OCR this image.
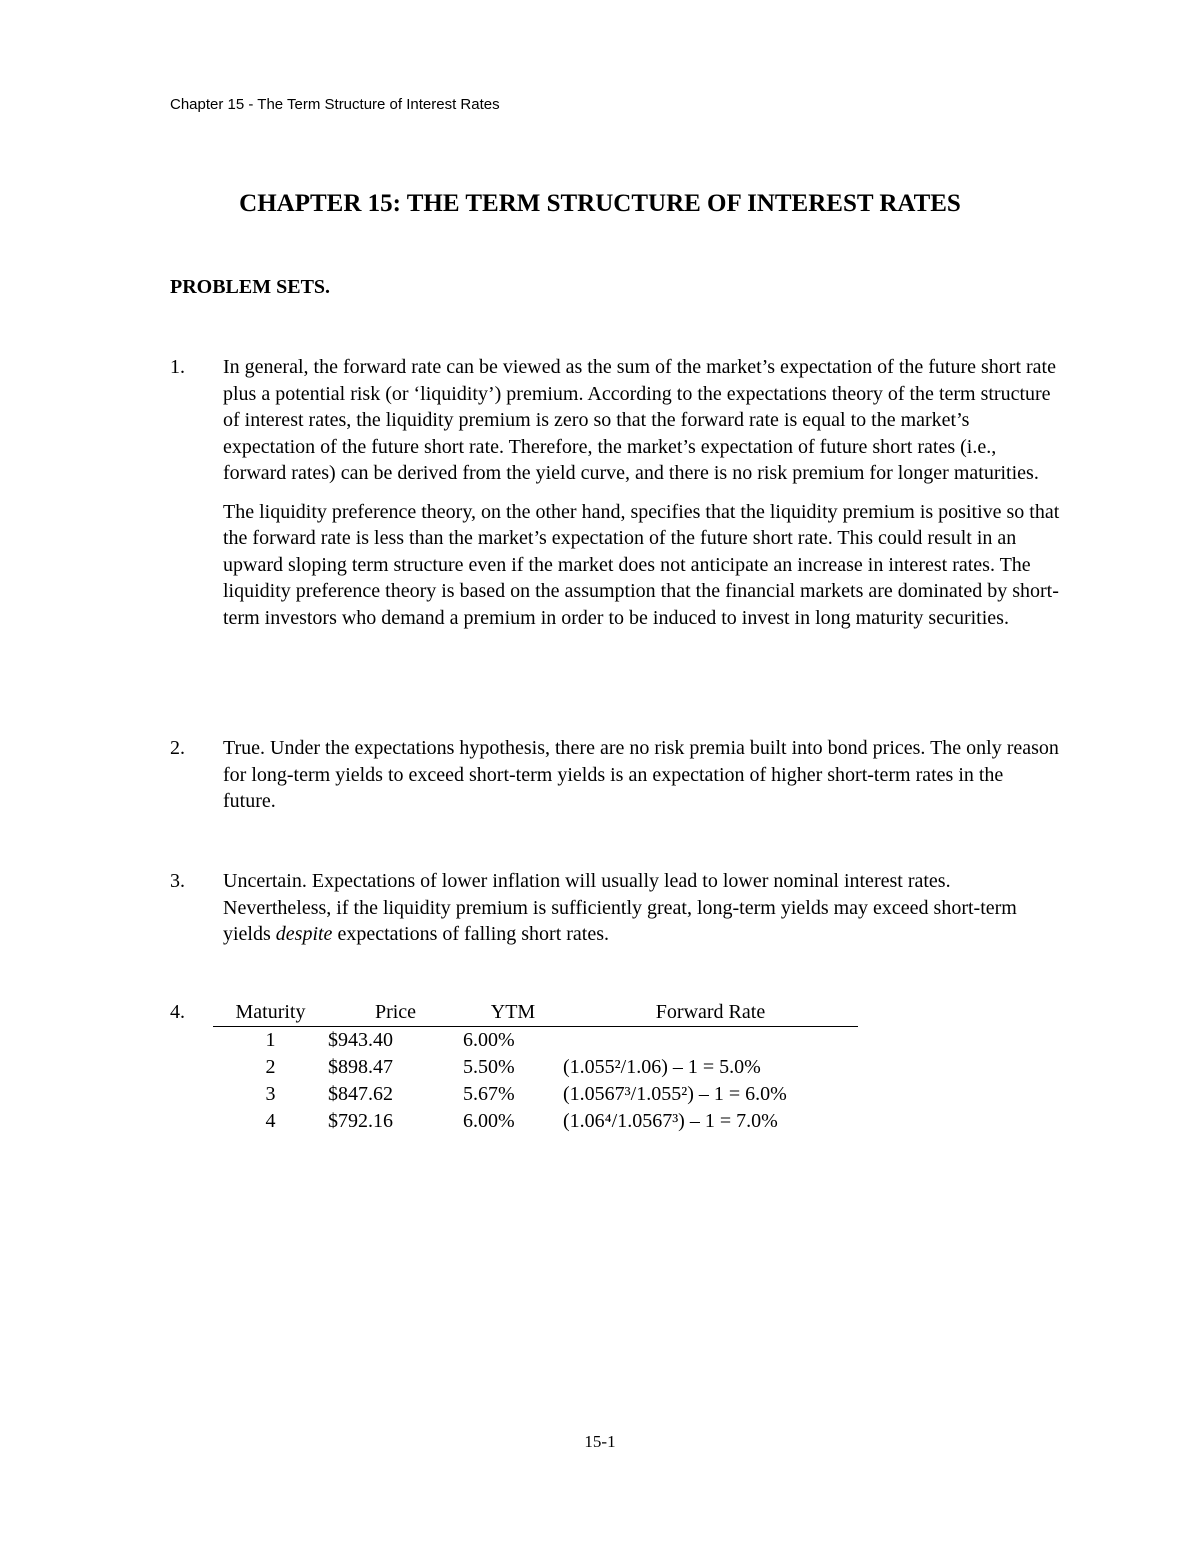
Chapter 15 - The Term Structure of Interest Rates
CHAPTER 15: THE TERM STRUCTURE OF INTEREST RATES
PROBLEM SETS.
1. In general, the forward rate can be viewed as the sum of the market’s expectation of the future short rate plus a potential risk (or ‘liquidity’) premium. According to the expectations theory of the term structure of interest rates, the liquidity premium is zero so that the forward rate is equal to the market’s expectation of the future short rate. Therefore, the market’s expectation of future short rates (i.e., forward rates) can be derived from the yield curve, and there is no risk premium for longer maturities.

The liquidity preference theory, on the other hand, specifies that the liquidity premium is positive so that the forward rate is less than the market’s expectation of the future short rate. This could result in an upward sloping term structure even if the market does not anticipate an increase in interest rates. The liquidity preference theory is based on the assumption that the financial markets are dominated by short-term investors who demand a premium in order to be induced to invest in long maturity securities.

2. True. Under the expectations hypothesis, there are no risk premia built into bond prices. The only reason for long-term yields to exceed short-term yields is an expectation of higher short-term rates in the future.

3. Uncertain. Expectations of lower inflation will usually lead to lower nominal interest rates. Nevertheless, if the liquidity premium is sufficiently great, long-term yields may exceed short-term yields despite expectations of falling short rates.

4.	Maturity	Price	YTM	Forward Rate
1	$943.40	6.00%	
2	$898.47	5.50%	(1.055²/1.06) – 1 = 5.0%
3	$847.62	5.67%	(1.0567³/1.055²) – 1 = 6.0%
4	$792.16	6.00%	(1.06⁴/1.0567³) – 1 = 7.0%
15-1
